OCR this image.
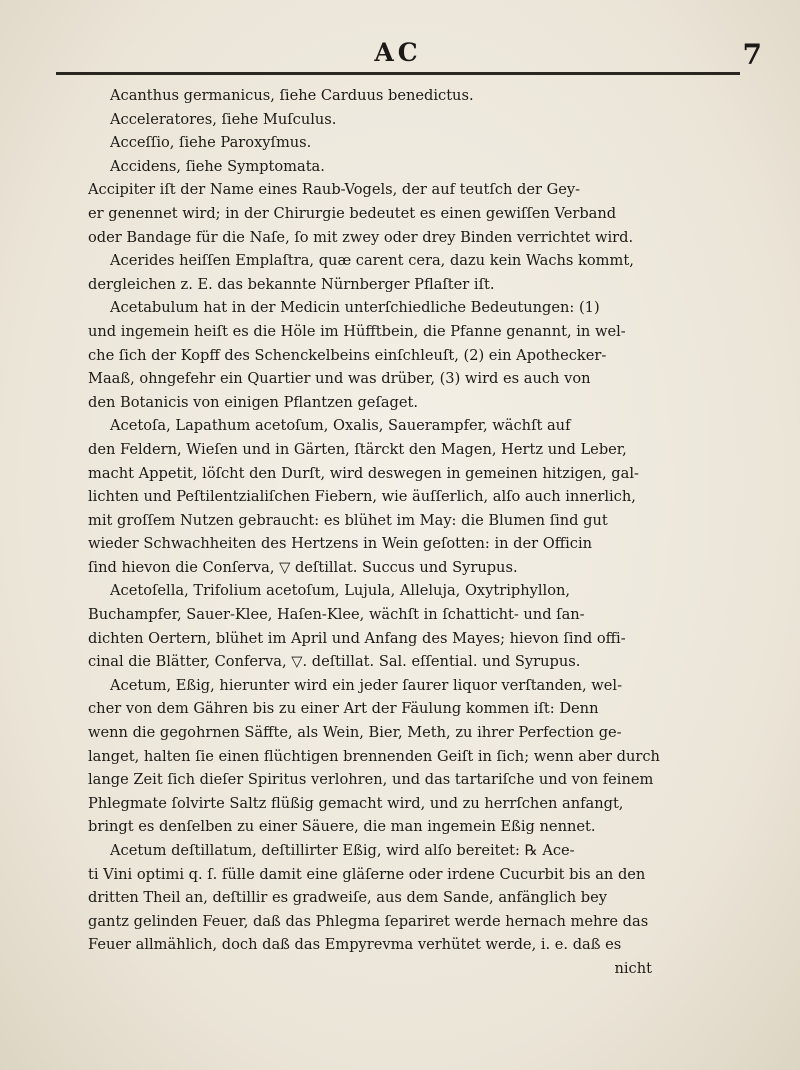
AC	7
Acanthus germanicus, ſiehe Carduus benedictus.
Acceleratores, ſiehe Muſculus.
Acceſſio, ſiehe Paroxyſmus.
Accidens, ſiehe Symptomata.
Accipiter iſt der Name eines Raub-Vogels, der auf teutſch der Gey-
er genennet wird; in der Chirurgie bedeutet es einen gewiſſen Verband
oder Bandage für die Naſe, ſo mit zwey oder drey Binden verrichtet wird.
Acerides heiſſen Emplaſtra, quæ carent cera, dazu kein Wachs kommt,
dergleichen z. E. das bekannte Nürnberger Pflaſter iſt.
Acetabulum hat in der Medicin unterſchiedliche Bedeutungen: (1)
und ingemein heiſt es die Höle im Hüfftbein, die Pfanne genannt, in wel-
che ſich der Kopff des Schenckelbeins einſchleuſt, (2) ein Apothecker-
Maaß, ohngefehr ein Quartier und was drüber, (3) wird es auch von
den Botanicis von einigen Pflantzen geſaget.
Acetoſa, Lapathum acetoſum, Oxalis, Sauerampfer, wächſt auf
den Feldern, Wieſen und in Gärten, ſtärckt den Magen, Hertz und Leber,
macht Appetit, löſcht den Durſt, wird deswegen in gemeinen hitzigen, gal-
lichten und Peſtilentzialiſchen Fiebern, wie äuſſerlich, alſo auch innerlich,
mit groſſem Nutzen gebraucht: es blühet im May: die Blumen ſind gut
wieder Schwachheiten des Hertzens in Wein geſotten: in der Officin
ſind hievon die Conſerva, ▽ deſtillat. Succus und Syrupus.
Acetoſella, Trifolium acetoſum, Lujula, Alleluja, Oxytriphyllon,
Buchampfer, Sauer-Klee, Haſen-Klee, wächſt in ſchatticht- und ſan-
dichten Oertern, blühet im April und Anfang des Mayes; hievon ſind offi-
cinal die Blätter, Conferva, ▽. deſtillat. Sal. eſſential. und Syrupus.
Acetum, Eßig, hierunter wird ein jeder ſaurer liquor verſtanden, wel-
cher von dem Gähren bis zu einer Art der Fäulung kommen iſt: Denn
wenn die gegohrnen Säffte, als Wein, Bier, Meth, zu ihrer Perfection ge-
langet, halten ſie einen flüchtigen brennenden Geiſt in ſich; wenn aber durch
lange Zeit ſich dieſer Spiritus verlohren, und das tartariſche und von feinem
Phlegmate ſolvirte Saltz flüßig gemacht wird, und zu herrſchen anfangt,
bringt es denſelben zu einer Säuere, die man ingemein Eßig nennet.
Acetum deſtillatum, deſtillirter Eßig, wird alſo bereitet: ℞ Ace-
ti Vini optimi q. ſ. fülle damit eine gläſerne oder irdene Cucurbit bis an den
dritten Theil an, deſtillir es gradweiſe, aus dem Sande, anfänglich bey
gantz gelinden Feuer, daß das Phlegma ſepariret werde hernach mehre das
Feuer allmählich, doch daß das Empyrevma verhütet werde, i. e. daß es
nicht
